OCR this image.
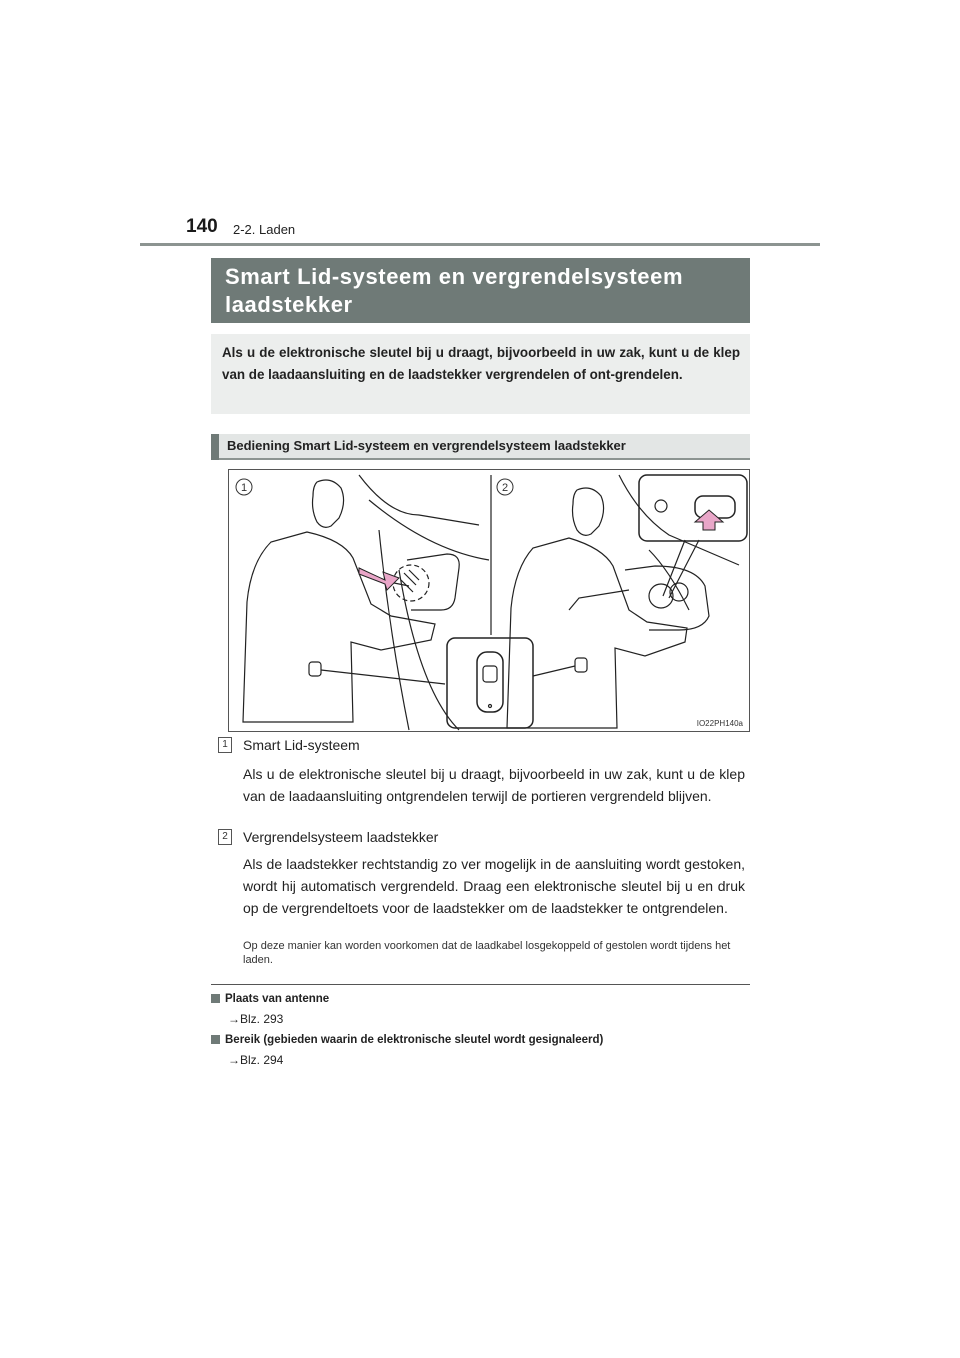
140 2-2. Laden
Smart Lid-systeem en vergrendelsysteem laadstekker
Als u de elektronische sleutel bij u draagt, bijvoorbeeld in uw zak, kunt u de klep van de laadaansluiting en de laadstekker vergrendelen of ont-grendelen.
Bediening Smart Lid-systeem en vergrendelsysteem laadstekker
1	2
IO22PH140a
1	Smart Lid-systeem
Als u de elektronische sleutel bij u draagt, bijvoorbeeld in uw zak, kunt u de klep van de laadaansluiting ontgrendelen terwijl de portieren vergrendeld blijven.
2	Vergrendelsysteem laadstekker
Als de laadstekker rechtstandig zo ver mogelijk in de aansluiting wordt gestoken, wordt hij automatisch vergrendeld. Draag een elektronische sleutel bij u en druk op de vergrendeltoets voor de laadstekker om de laadstekker te ontgrendelen.
Op deze manier kan worden voorkomen dat de laadkabel losgekoppeld of gestolen wordt tijdens het laden.
Plaats van antenne
→Blz. 293
Bereik (gebieden waarin de elektronische sleutel wordt gesignaleerd)
→Blz. 294
